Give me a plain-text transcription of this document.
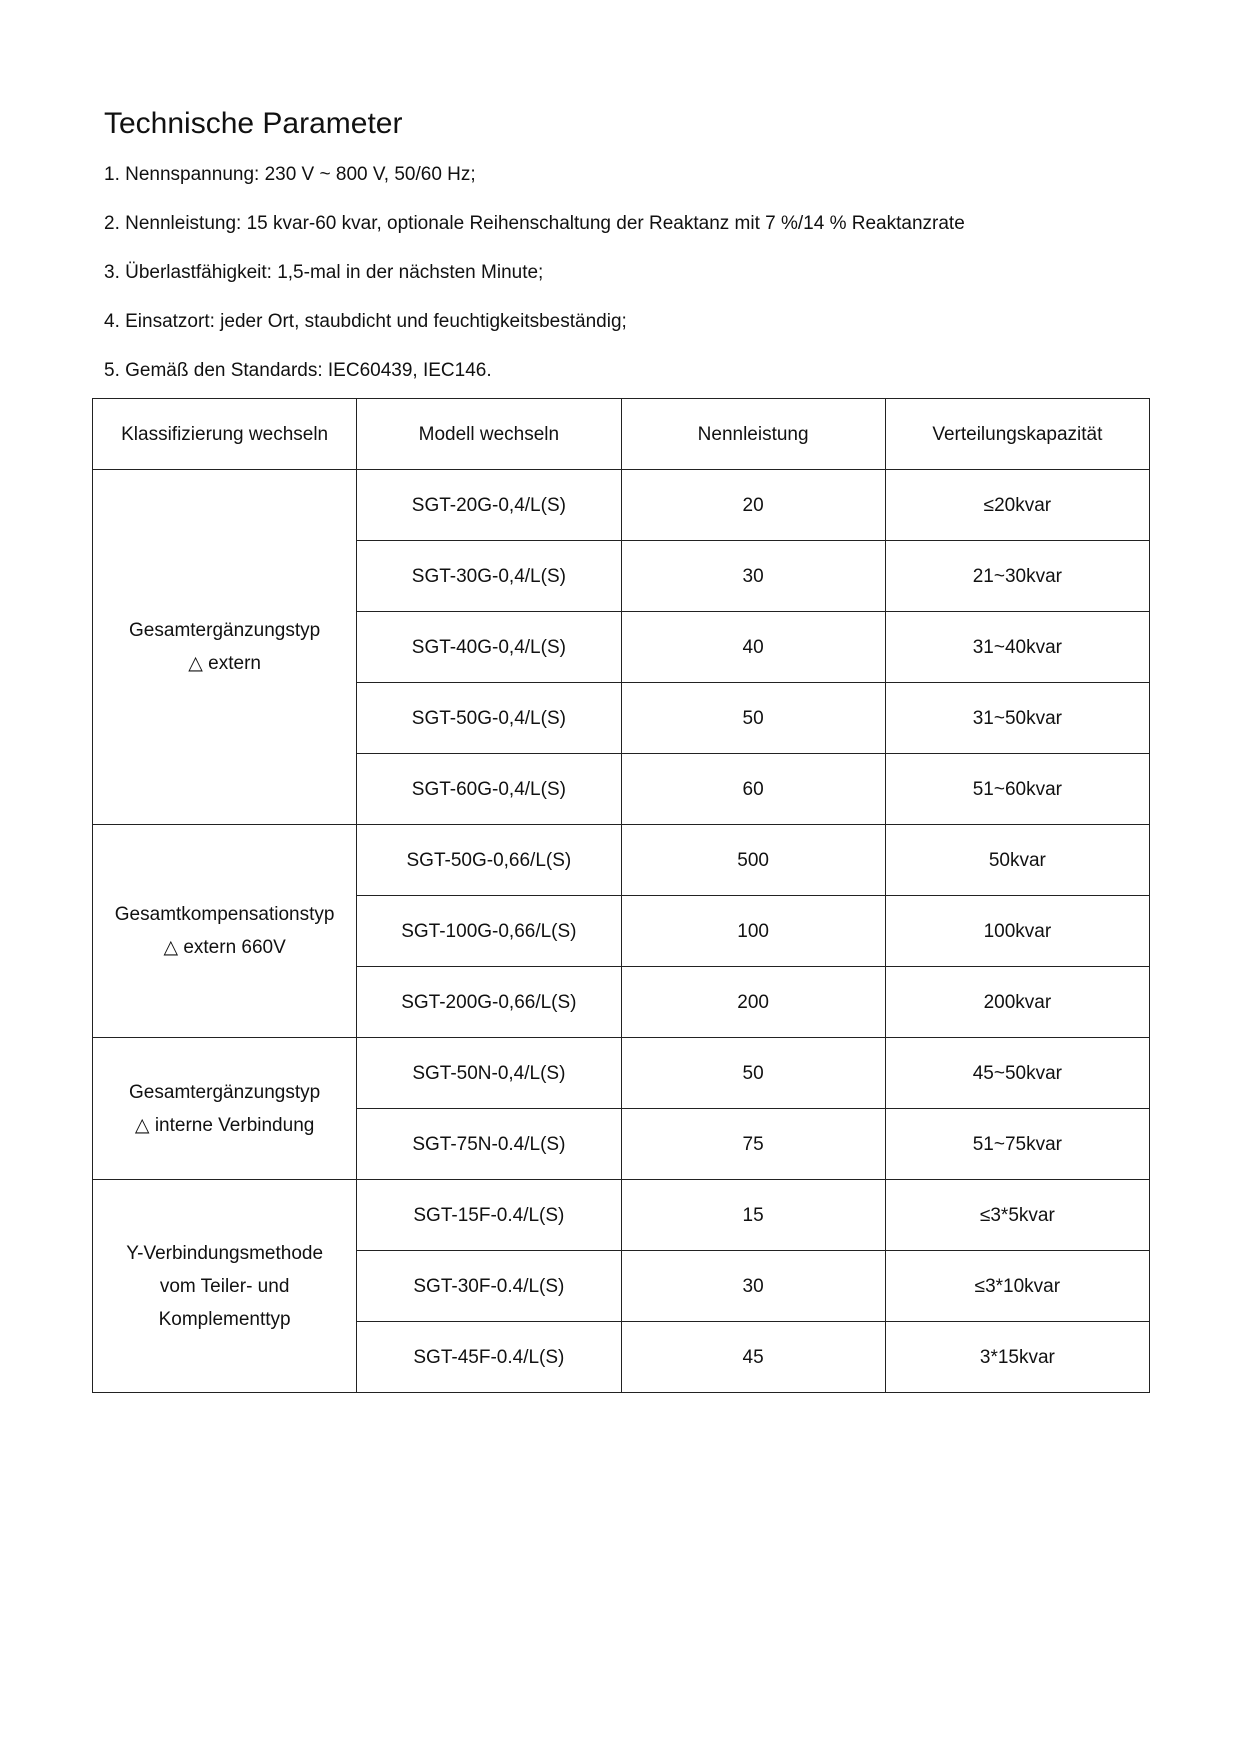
Technische Parameter
1. Nennspannung: 230 V ~ 800 V, 50/60 Hz;
2. Nennleistung: 15 kvar-60 kvar, optionale Reihenschaltung der Reaktanz mit 7 %/14 % Reaktanzrate
3. Überlastfähigkeit: 1,5-mal in der nächsten Minute;
4. Einsatzort: jeder Ort, staubdicht und feuchtigkeitsbeständig;
5. Gemäß den Standards: IEC60439, IEC146.
Klassifizierung wechseln	Modell wechseln	Nennleistung	Verteilungskapazität

Gesamtergänzungstyp
△ extern	SGT-20G-0,4/L(S)	20	≤20kvar
	SGT-30G-0,4/L(S)	30	21~30kvar
	SGT-40G-0,4/L(S)	40	31~40kvar
	SGT-50G-0,4/L(S)	50	31~50kvar
	SGT-60G-0,4/L(S)	60	51~60kvar

Gesamtkompensationstyp
△ extern 660V	SGT-50G-0,66/L(S)	500	50kvar
	SGT-100G-0,66/L(S)	100	100kvar
	SGT-200G-0,66/L(S)	200	200kvar

Gesamtergänzungstyp
△ interne Verbindung	SGT-50N-0,4/L(S)	50	45~50kvar
	SGT-75N-0.4/L(S)	75	51~75kvar

Y-Verbindungsmethode
vom Teiler- und
Komplementtyp	SGT-15F-0.4/L(S)	15	≤3*5kvar
	SGT-30F-0.4/L(S)	30	≤3*10kvar
	SGT-45F-0.4/L(S)	45	3*15kvar
